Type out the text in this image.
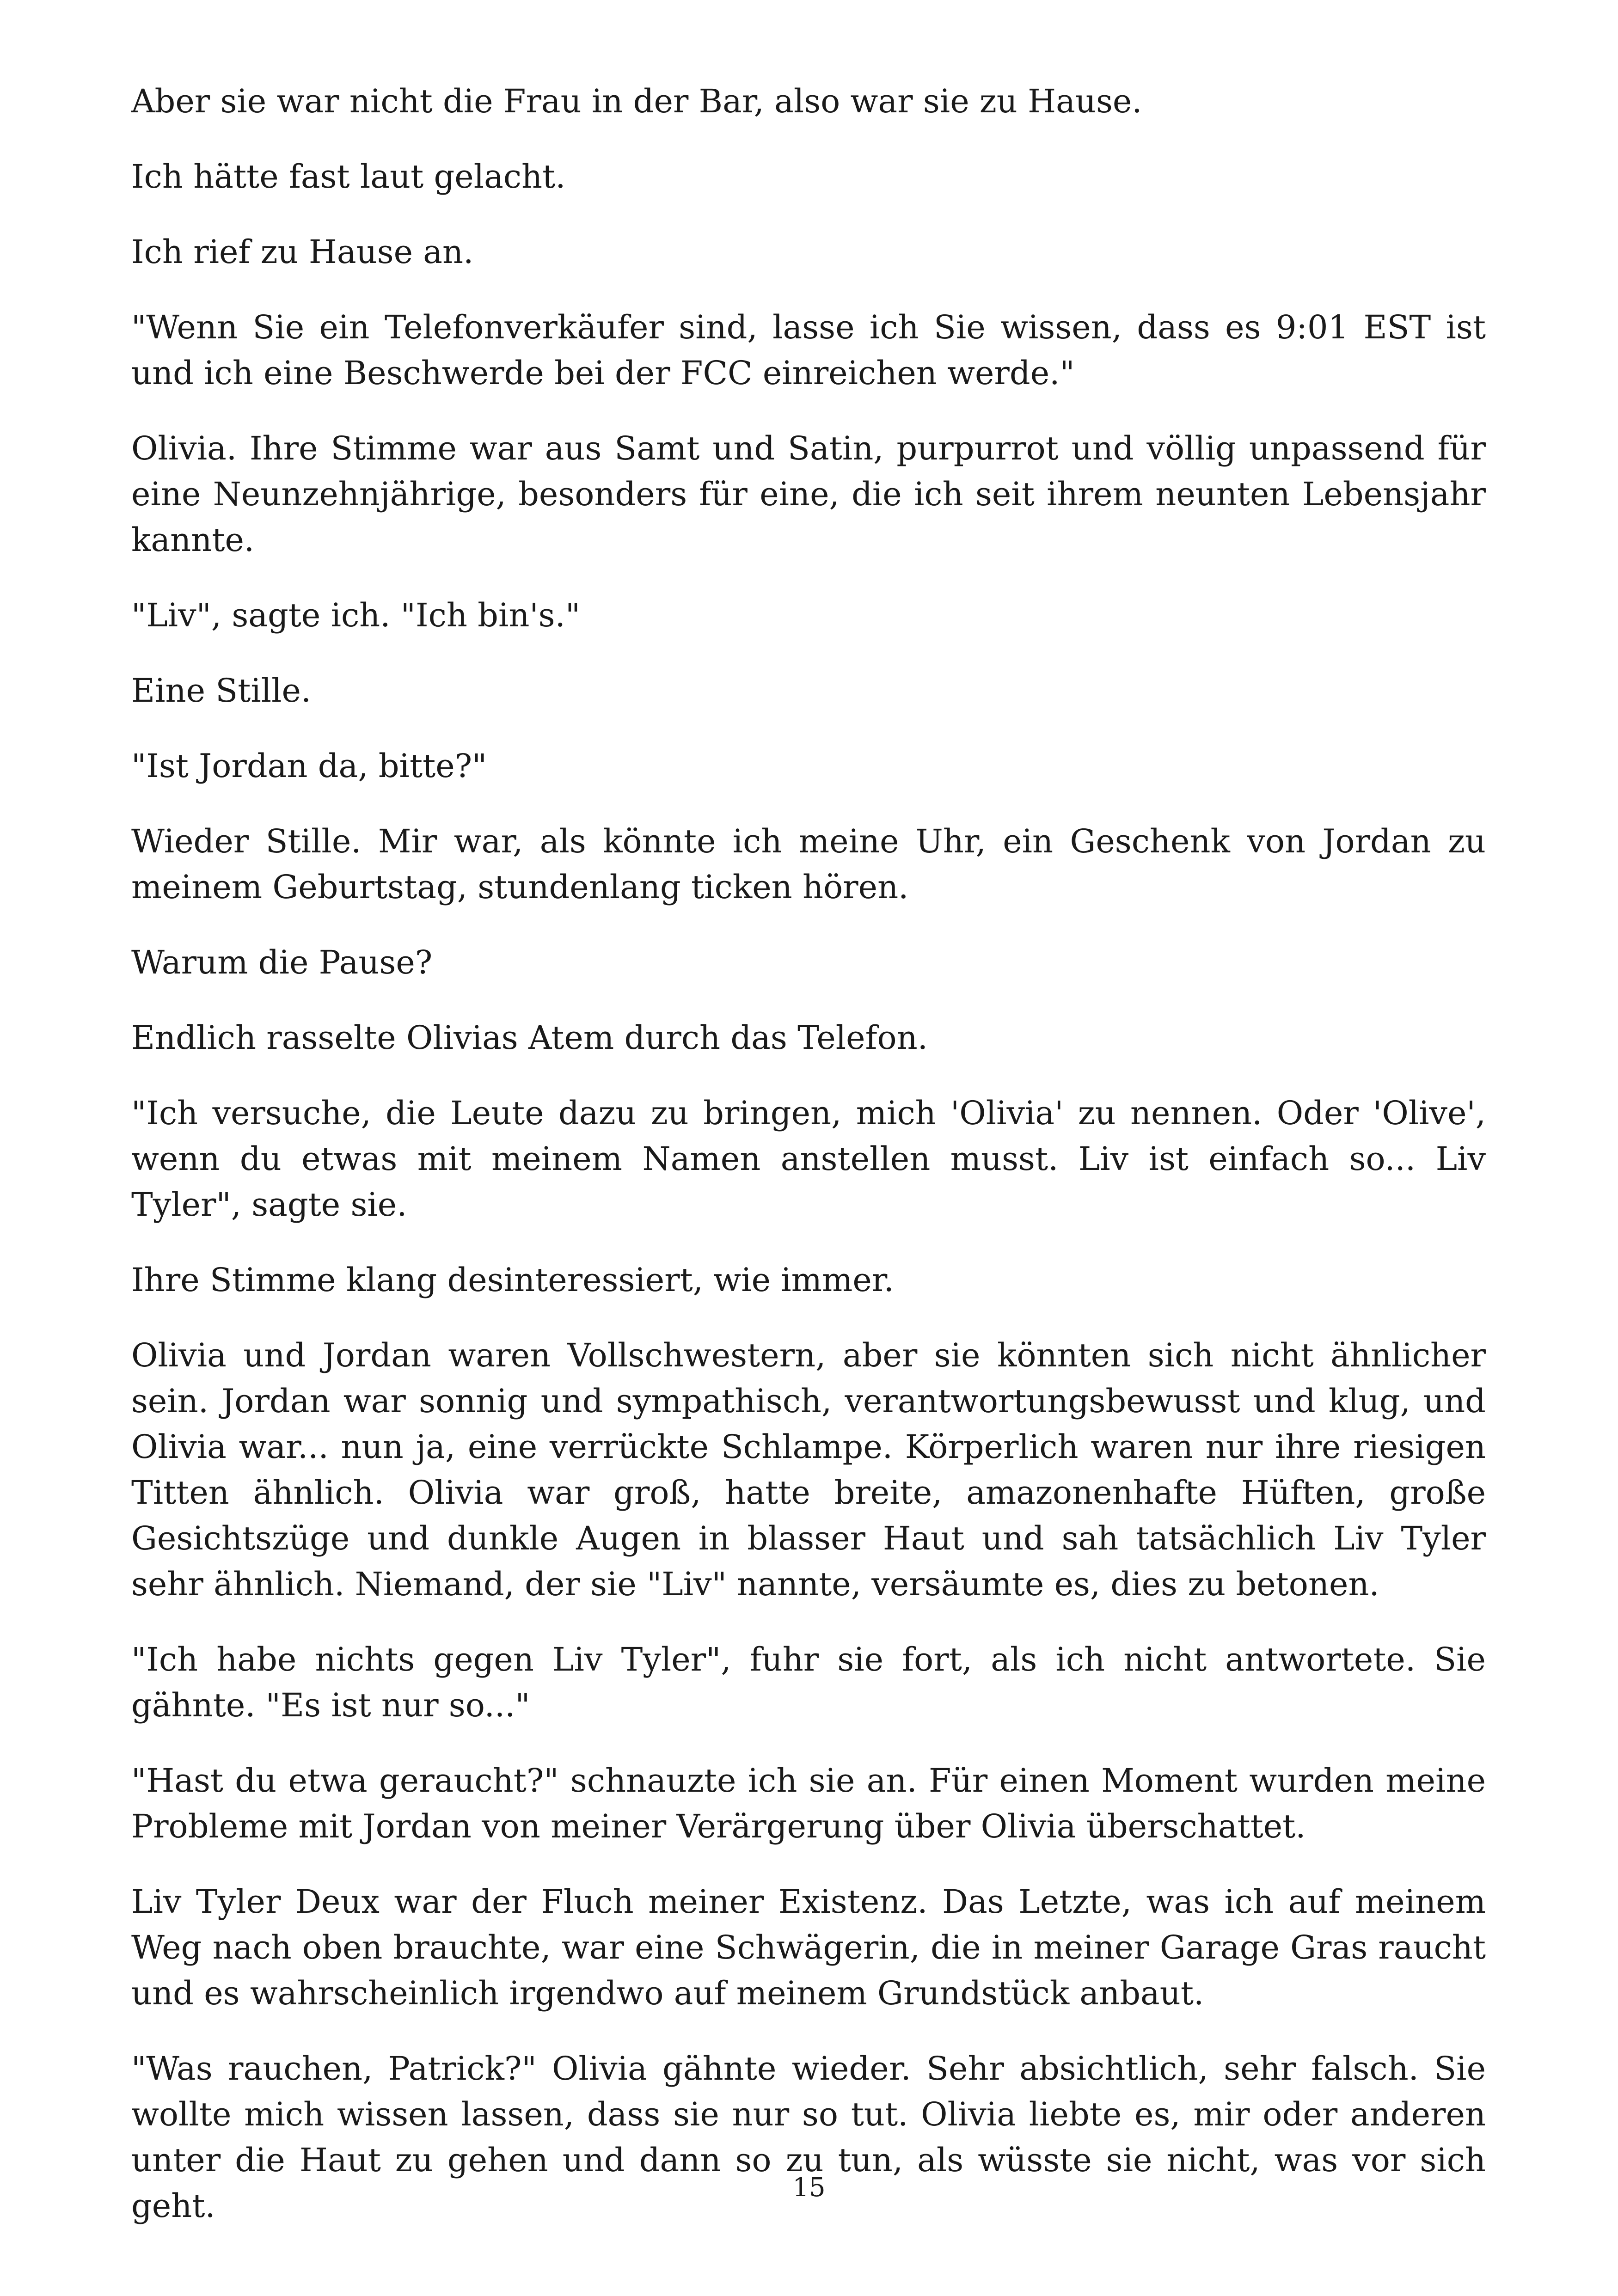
Aber sie war nicht die Frau in der Bar, also war sie zu Hause.

Ich hätte fast laut gelacht.

Ich rief zu Hause an.

"Wenn Sie ein Telefonverkäufer sind, lasse ich Sie wissen, dass es 9:01 EST ist und ich eine Beschwerde bei der FCC einreichen werde."

Olivia. Ihre Stimme war aus Samt und Satin, purpurrot und völlig unpassend für eine Neunzehnjährige, besonders für eine, die ich seit ihrem neunten Lebensjahr kannte.

"Liv", sagte ich. "Ich bin's."

Eine Stille.

"Ist Jordan da, bitte?"

Wieder Stille. Mir war, als könnte ich meine Uhr, ein Geschenk von Jordan zu meinem Geburtstag, stundenlang ticken hören.

Warum die Pause?

Endlich rasselte Olivias Atem durch das Telefon.

"Ich versuche, die Leute dazu zu bringen, mich 'Olivia' zu nennen. Oder 'Olive', wenn du etwas mit meinem Namen anstellen musst. Liv ist einfach so... Liv Tyler", sagte sie.

Ihre Stimme klang desinteressiert, wie immer.

Olivia und Jordan waren Vollschwestern, aber sie könnten sich nicht ähnlicher sein. Jordan war sonnig und sympathisch, verantwortungsbewusst und klug, und Olivia war... nun ja, eine verrückte Schlampe. Körperlich waren nur ihre riesigen Titten ähnlich. Olivia war groß, hatte breite, amazonenhafte Hüften, große Gesichtszüge und dunkle Augen in blasser Haut und sah tatsächlich Liv Tyler sehr ähnlich. Niemand, der sie "Liv" nannte, versäumte es, dies zu betonen.

"Ich habe nichts gegen Liv Tyler", fuhr sie fort, als ich nicht antwortete. Sie gähnte. "Es ist nur so..."

"Hast du etwa geraucht?" schnauzte ich sie an. Für einen Moment wurden meine Probleme mit Jordan von meiner Verärgerung über Olivia überschattet.

Liv Tyler Deux war der Fluch meiner Existenz. Das Letzte, was ich auf meinem Weg nach oben brauchte, war eine Schwägerin, die in meiner Garage Gras raucht und es wahrscheinlich irgendwo auf meinem Grundstück anbaut.

"Was rauchen, Patrick?" Olivia gähnte wieder. Sehr absichtlich, sehr falsch. Sie wollte mich wissen lassen, dass sie nur so tut. Olivia liebte es, mir oder anderen unter die Haut zu gehen und dann so zu tun, als wüsste sie nicht, was vor sich geht.	15
